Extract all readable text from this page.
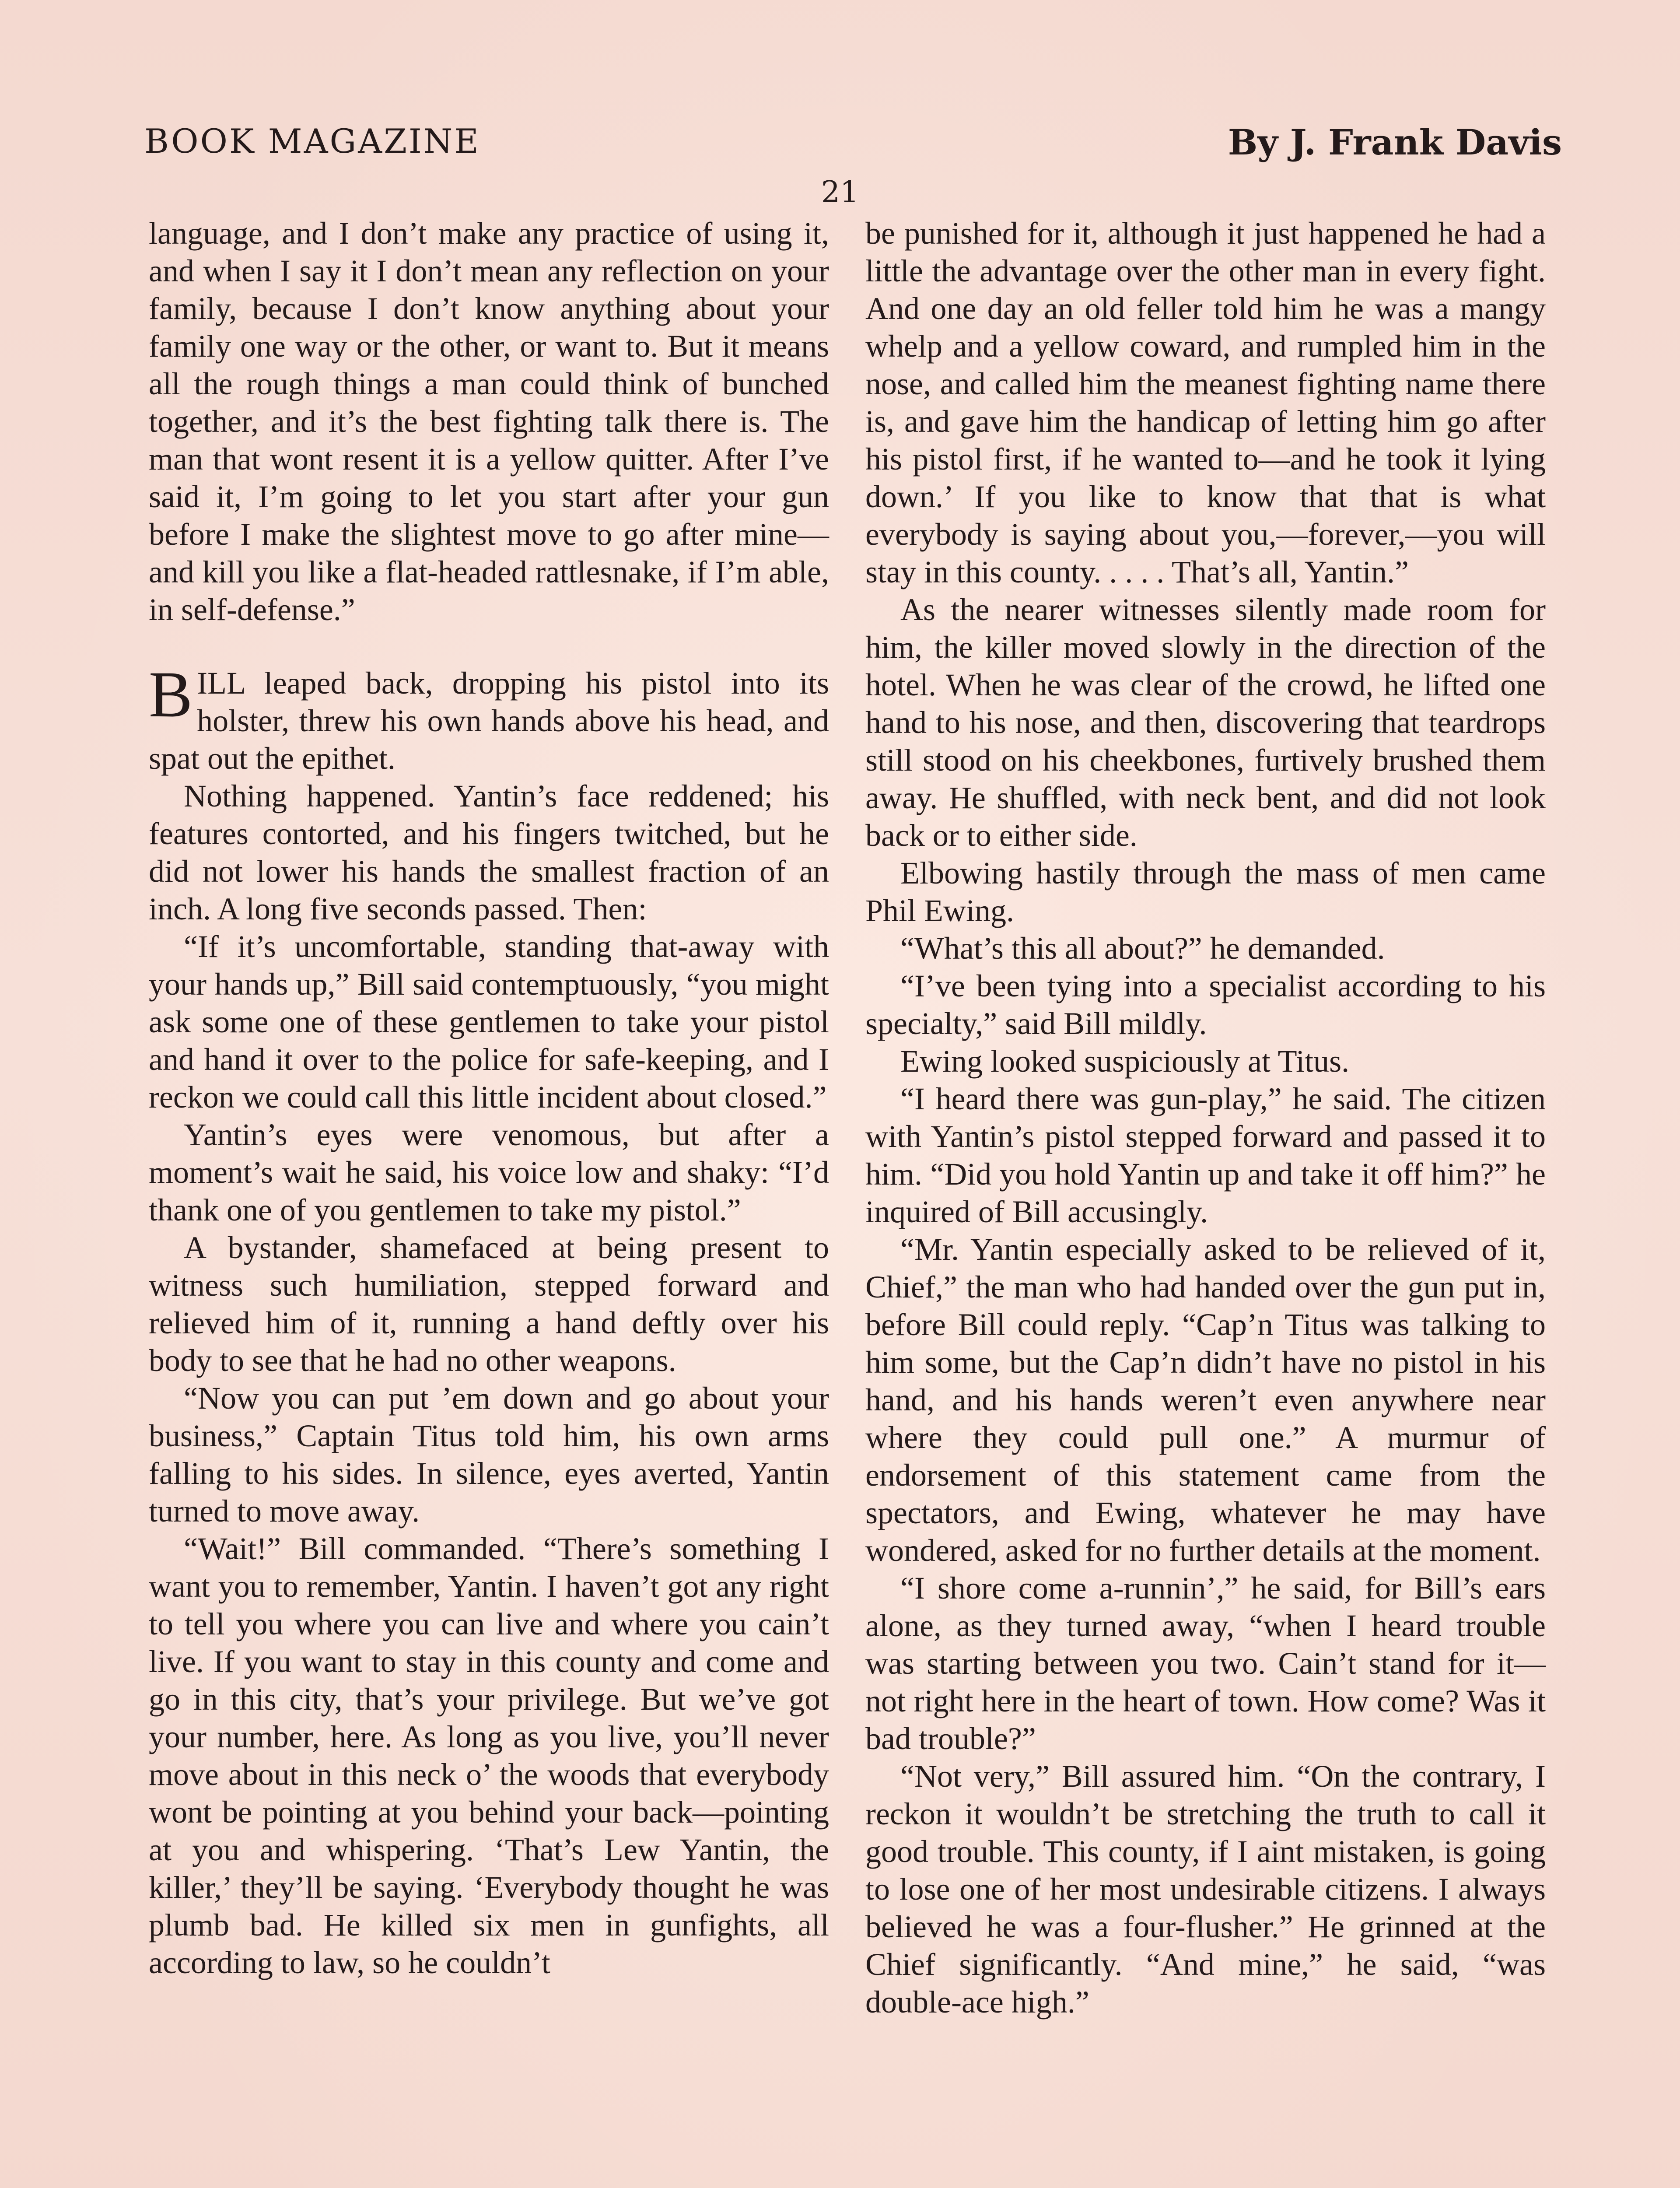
BOOK MAGAZINE	By J. Frank Davis
21

language, and I don’t make any practice of using it, and when I say it I don’t mean any reflection on your family, because I don’t know anything about your family one way or the other, or want to. But it means all the rough things a man could think of bunched together, and it’s the best fighting talk there is. The man that wont resent it is a yellow quitter. After I’ve said it, I’m going to let you start after your gun before I make the slightest move to go after mine—and kill you like a flat-headed rattlesnake, if I’m able, in self-defense.”

BILL leaped back, dropping his pistol into its holster, threw his own hands above his head, and spat out the epithet.

Nothing happened. Yantin’s face reddened; his features contorted, and his fingers twitched, but he did not lower his hands the smallest fraction of an inch. A long five seconds passed. Then:

“If it’s uncomfortable, standing that-away with your hands up,” Bill said contemptuously, “you might ask some one of these gentlemen to take your pistol and hand it over to the police for safe-keeping, and I reckon we could call this little incident about closed.”

Yantin’s eyes were venomous, but after a moment’s wait he said, his voice low and shaky: “I’d thank one of you gentlemen to take my pistol.”

A bystander, shamefaced at being present to witness such humiliation, stepped forward and relieved him of it, running a hand deftly over his body to see that he had no other weapons.

“Now you can put ’em down and go about your business,” Captain Titus told him, his own arms falling to his sides. In silence, eyes averted, Yantin turned to move away.

“Wait!” Bill commanded. “There’s something I want you to remember, Yantin. I haven’t got any right to tell you where you can live and where you cain’t live. If you want to stay in this county and come and go in this city, that’s your privilege. But we’ve got your number, here. As long as you live, you’ll never move about in this neck o’ the woods that everybody wont be pointing at you behind your back—pointing at you and whispering. ‘That’s Lew Yantin, the killer,’ they’ll be saying. ‘Everybody thought he was plumb bad. He killed six men in gunfights, all according to law, so he couldn’t

be punished for it, although it just happened he had a little the advantage over the other man in every fight. And one day an old feller told him he was a mangy whelp and a yellow coward, and rumpled him in the nose, and called him the meanest fighting name there is, and gave him the handicap of letting him go after his pistol first, if he wanted to—and he took it lying down.’ If you like to know that that is what everybody is saying about you,—forever,—you will stay in this county. . . . . That’s all, Yantin.”

As the nearer witnesses silently made room for him, the killer moved slowly in the direction of the hotel. When he was clear of the crowd, he lifted one hand to his nose, and then, discovering that teardrops still stood on his cheekbones, furtively brushed them away. He shuffled, with neck bent, and did not look back or to either side.

Elbowing hastily through the mass of men came Phil Ewing.

“What’s this all about?” he demanded.

“I’ve been tying into a specialist according to his specialty,” said Bill mildly.

Ewing looked suspiciously at Titus.

“I heard there was gun-play,” he said. The citizen with Yantin’s pistol stepped forward and passed it to him. “Did you hold Yantin up and take it off him?” he inquired of Bill accusingly.

“Mr. Yantin especially asked to be relieved of it, Chief,” the man who had handed over the gun put in, before Bill could reply. “Cap’n Titus was talking to him some, but the Cap’n didn’t have no pistol in his hand, and his hands weren’t even anywhere near where they could pull one.” A murmur of endorsement of this statement came from the spectators, and Ewing, whatever he may have wondered, asked for no further details at the moment.

“I shore come a-runnin’,” he said, for Bill’s ears alone, as they turned away, “when I heard trouble was starting between you two. Cain’t stand for it—not right here in the heart of town. How come? Was it bad trouble?”

“Not very,” Bill assured him. “On the contrary, I reckon it wouldn’t be stretching the truth to call it good trouble. This county, if I aint mistaken, is going to lose one of her most undesirable citizens. I always believed he was a four-flusher.” He grinned at the Chief significantly. “And mine,” he said, “was double-ace high.”
